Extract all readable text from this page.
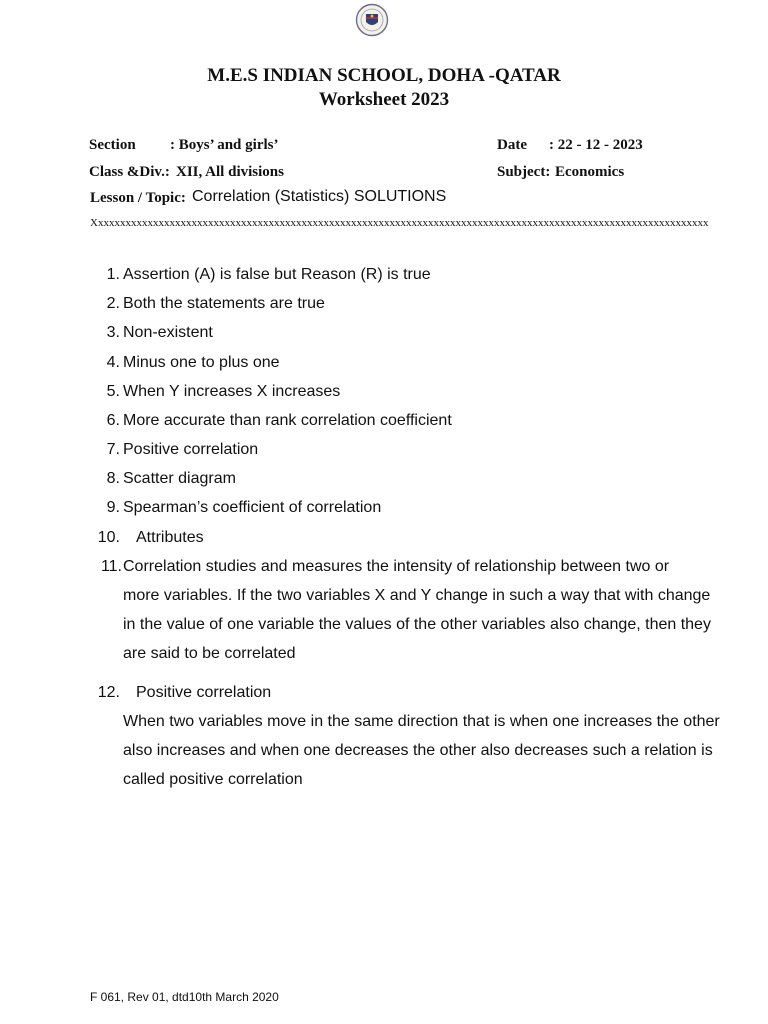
M.E.S INDIAN SCHOOL, DOHA -QATAR
Worksheet 2023
Section : Boys’ and girls’	Date : 22 - 12 - 2023
Class &Div.: XII, All divisions	Subject: Economics
Lesson / Topic: Correlation (Statistics) SOLUTIONS
Xxxxxxxxxxxxxxxxxxxxxxxxxxxxxxxxxxxxxxxxxxxxxxxxxxxxxxxxxxxxxxxxxxxxxxxxxxxxxxxxxxxxxxxxxxxxxxxxxxxxxxxxxxxxxxxx
1. Assertion (A) is false but Reason (R) is true
2. Both the statements are true
3. Non-existent
4. Minus one to plus one
5. When Y increases X increases
6. More accurate than rank correlation coefficient
7. Positive correlation
8. Scatter diagram
9. Spearman’s coefficient of correlation
10. Attributes
11. Correlation studies and measures the intensity of relationship between two or
more variables. If the two variables X and Y change in such a way that with change in the value of one variable the values of the other variables also change, then they are said to be correlated
12. Positive correlation
When two variables move in the same direction that is when one increases the other also increases and when one decreases the other also decreases such a relation is called positive correlation
F 061, Rev 01, dtd10th March 2020
